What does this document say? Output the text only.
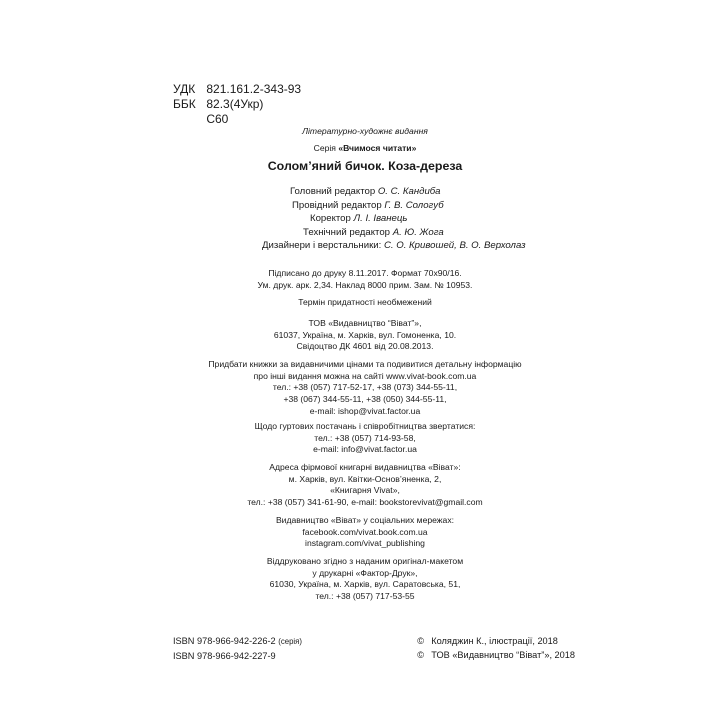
УДК 821.161.2-343-93
ББК 82.3(4Укр)
С60
Літературно-художнє видання
Серія «Вчимося читати»
Солом’яний бичок. Коза-дереза
Головний редактор О. С. Кандиба
Провідний редактор Г. В. Сологуб
Коректор Л. І. Іванець
Технічний редактор А. Ю. Жога
Дизайнери і верстальники: С. О. Кривошей, В. О. Верхолаз
Підписано до друку 8.11.2017. Формат 70х90/16.
Ум. друк. арк. 2,34. Наклад 8000 прим. Зам. № 10953.
Термін придатності необмежений
ТОВ «Видавництво “Віват”»,
61037, Україна, м. Харків, вул. Гомоненка, 10.
Свідоцтво ДК 4601 від 20.08.2013.
Придбати книжки за видавничими цінами та подивитися детальну інформацію
про інші видання можна на сайті www.vivat-book.com.ua
тел.: +38 (057) 717-52-17, +38 (073) 344-55-11,
+38 (067) 344-55-11, +38 (050) 344-55-11,
e-mail: ishop@vivat.factor.ua
Щодо гуртових постачань і співробітництва звертатися:
тел.: +38 (057) 714-93-58,
e-mail: info@vivat.factor.ua
Адреса фірмової книгарні видавництва «Віват»:
м. Харків, вул. Квітки-Основ’яненка, 2,
«Книгарня Vivat»,
тел.: +38 (057) 341-61-90, e-mail: bookstorevivat@gmail.com
Видавництво «Віват» у соціальних мережах:
facebook.com/vivat.book.com.ua
instagram.com/vivat_publishing
Віддруковано згідно з наданим оригінал-макетом
у друкарні «Фактор-Друк»,
61030, Україна, м. Харків, вул. Саратовська, 51,
тел.: +38 (057) 717-53-55
ISBN 978-966-942-226-2 (серія)
ISBN 978-966-942-227-9
© Коляджин К., ілюстрації, 2018
© ТОВ «Видавництво “Віват”», 2018
